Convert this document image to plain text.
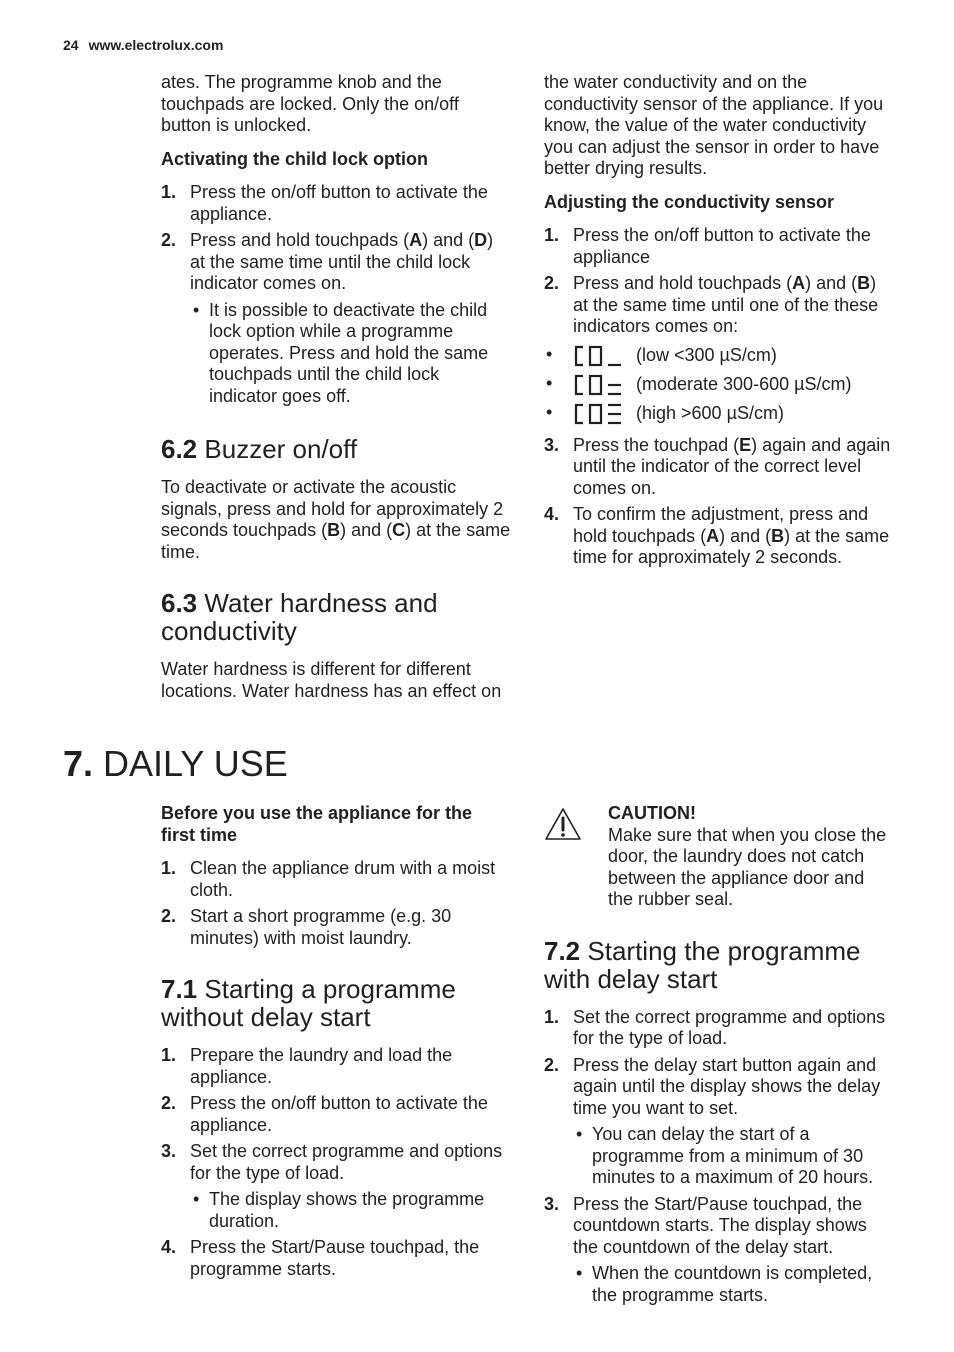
24 www.electrolux.com

ates. The programme knob and the touchpads are locked. Only the on/off button is unlocked.

Activating the child lock option

1. Press the on/off button to activate the appliance.
2. Press and hold touchpads (A) and (D) at the same time until the child lock indicator comes on.
• It is possible to deactivate the child lock option while a programme operates. Press and hold the same touchpads until the child lock indicator goes off.
6.2 Buzzer on/off

To deactivate or activate the acoustic signals, press and hold for approximately 2 seconds touchpads (B) and (C) at the same time.

6.3 Water hardness and conductivity

Water hardness is different for different locations. Water hardness has an effect on

the water conductivity and on the conductivity sensor of the appliance. If you know, the value of the water conductivity you can adjust the sensor in order to have better drying results.

Adjusting the conductivity sensor

1. Press the on/off button to activate the appliance
2. Press and hold touchpads (A) and (B) at the same time until one of the these indicators comes on:
• (low <300 µS/cm)
• (moderate 300-600 µS/cm)
• (high >600 µS/cm)
3. Press the touchpad (E) again and again until the indicator of the correct level comes on.
4. To confirm the adjustment, press and hold touchpads (A) and (B) at the same time for approximately 2 seconds.
7. DAILY USE

Before you use the appliance for the first time

1. Clean the appliance drum with a moist cloth.
2. Start a short programme (e.g. 30 minutes) with moist laundry.
7.1 Starting a programme without delay start
1. Prepare the laundry and load the appliance.
2. Press the on/off button to activate the appliance.
3. Set the correct programme and options for the type of load.
• The display shows the programme duration.
4. Press the Start/Pause touchpad, the programme starts.
CAUTION!
Make sure that when you close the door, the laundry does not catch between the appliance door and the rubber seal.
7.2 Starting the programme with delay start
1. Set the correct programme and options for the type of load.
2. Press the delay start button again and again until the display shows the delay time you want to set.
• You can delay the start of a programme from a minimum of 30 minutes to a maximum of 20 hours.
3. Press the Start/Pause touchpad, the countdown starts. The display shows the countdown of the delay start.
• When the countdown is completed, the programme starts.
